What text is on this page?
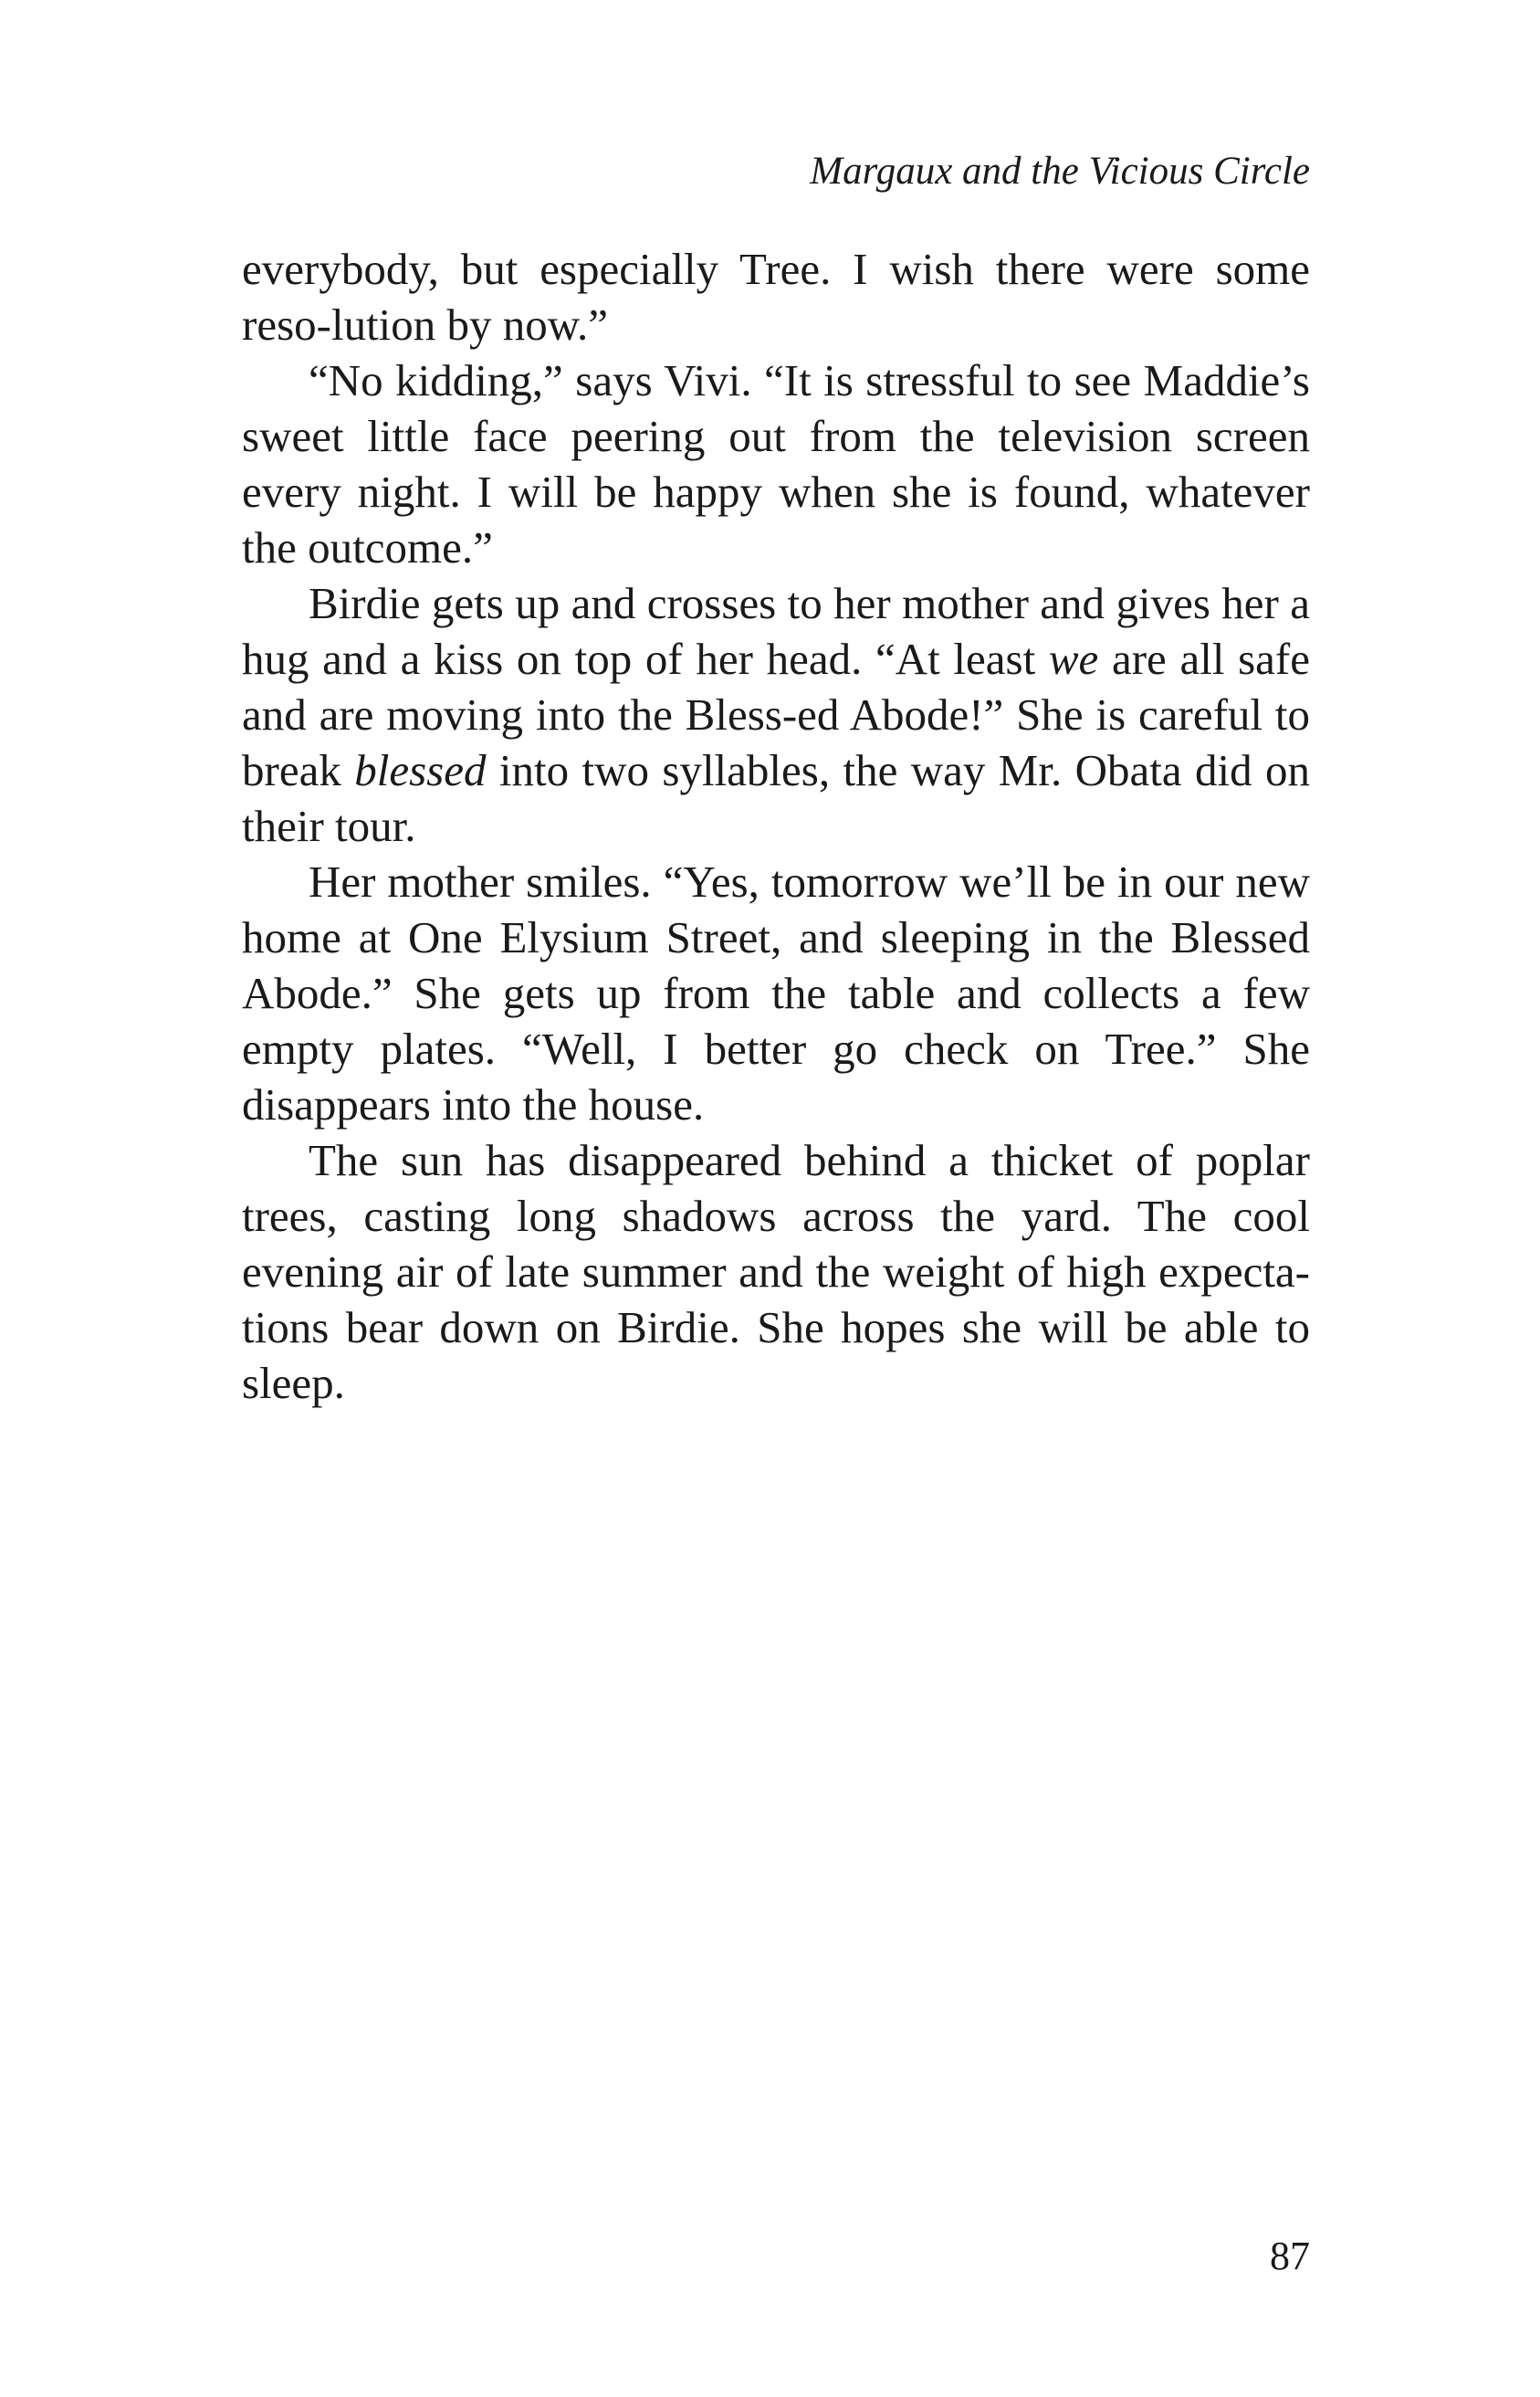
Margaux and the Vicious Circle

everybody, but especially Tree. I wish there were some reso-lution by now.”

“No kidding,” says Vivi. “It is stressful to see Maddie’s sweet little face peering out from the television screen every night. I will be happy when she is found, whatever the outcome.”

Birdie gets up and crosses to her mother and gives her a hug and a kiss on top of her head. “At least we are all safe and are moving into the Bless-ed Abode!” She is careful to break blessed into two syllables, the way Mr. Obata did on their tour.

Her mother smiles. “Yes, tomorrow we’ll be in our new home at One Elysium Street, and sleeping in the Blessed Abode.” She gets up from the table and collects a few empty plates. “Well, I better go check on Tree.” She disappears into the house.

The sun has disappeared behind a thicket of poplar trees, casting long shadows across the yard. The cool evening air of late summer and the weight of high expecta-tions bear down on Birdie. She hopes she will be able to sleep.

87
